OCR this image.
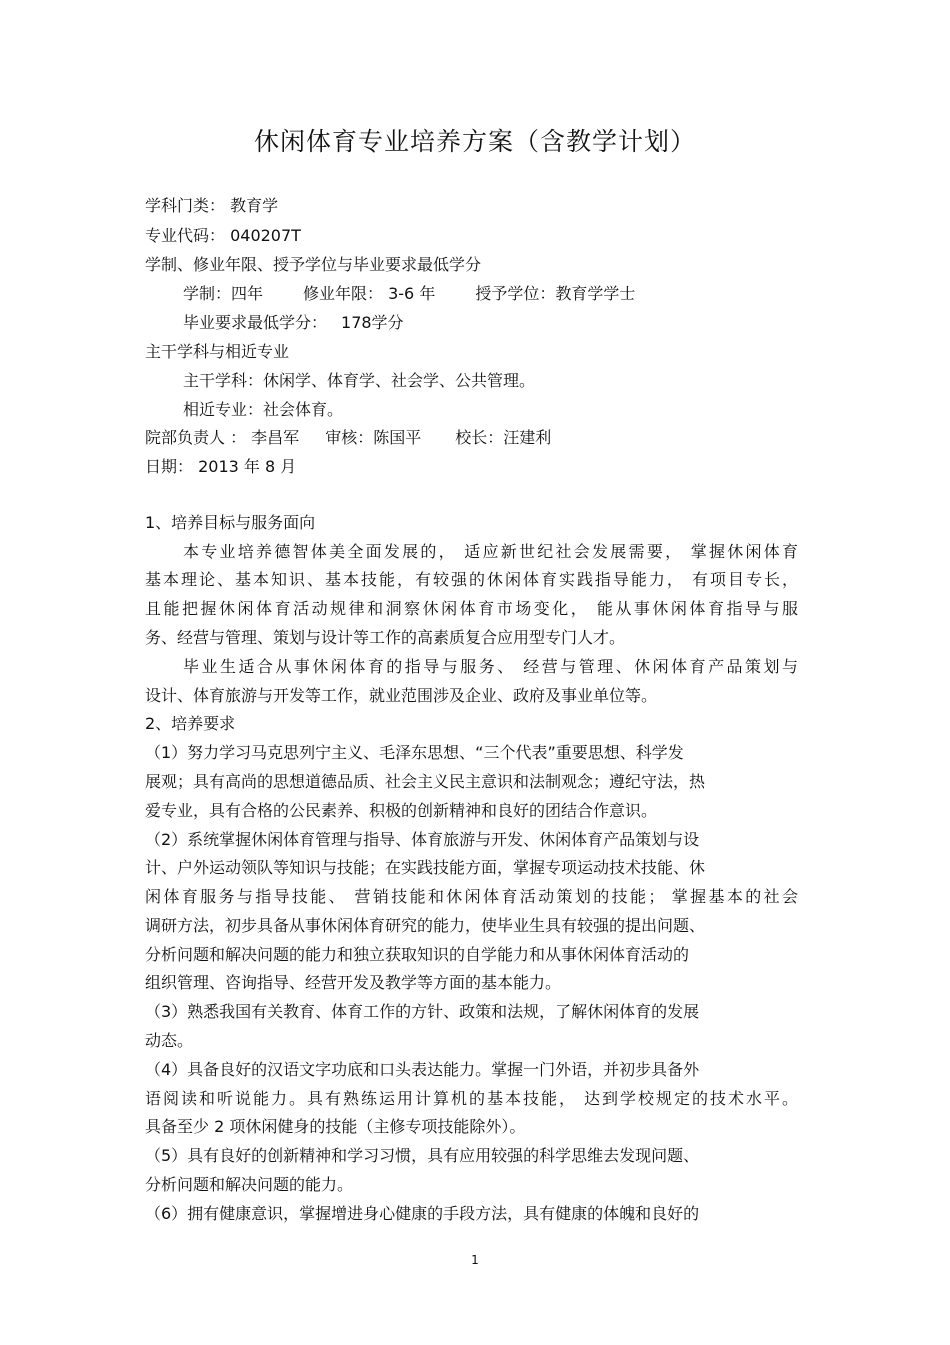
休闲体育专业培养方案（含教学计划）
学科门类： 教育学
专业代码： 040207T
学制、修业年限、授予学位与毕业要求最低学分
学制：四年	修业年限： 3-6 年	授予学位：教育学学士
毕业要求最低学分： 178学分
主干学科与相近专业
主干学科：休闲学、体育学、社会学、公共管理。
相近专业：社会体育。
院部负责人 ： 李昌军 审核：陈国平 校长：汪建利
日期： 2013 年 8 月
1、培养目标与服务面向
本专业培养德智体美全面发展的， 适应新世纪社会发展需要， 掌握休闲体育
基本理论、基本知识、基本技能，有较强的休闲体育实践指导能力， 有项目专长，
且能把握休闲体育活动规律和洞察休闲体育市场变化， 能从事休闲体育指导与服
务、经营与管理、策划与设计等工作的高素质复合应用型专门人才。
毕业生适合从事休闲体育的指导与服务、 经营与管理、休闲体育产品策划与
设计、体育旅游与开发等工作，就业范围涉及企业、政府及事业单位等。
2、培养要求
（1）努力学习马克思列宁主义、毛泽东思想、“三个代表”重要思想、科学发
展观；具有高尚的思想道德品质、社会主义民主意识和法制观念；遵纪守法，热
爱专业，具有合格的公民素养、积极的创新精神和良好的团结合作意识。
（2）系统掌握休闲体育管理与指导、体育旅游与开发、休闲体育产品策划与设
计、户外运动领队等知识与技能；在实践技能方面，掌握专项运动技术技能、休
闲体育服务与指导技能、 营销技能和休闲体育活动策划的技能； 掌握基本的社会
调研方法，初步具备从事休闲体育研究的能力，使毕业生具有较强的提出问题、
分析问题和解决问题的能力和独立获取知识的自学能力和从事休闲体育活动的
组织管理、咨询指导、经营开发及教学等方面的基本能力。
（3）熟悉我国有关教育、体育工作的方针、政策和法规，了解休闲体育的发展
动态。
（4）具备良好的汉语文字功底和口头表达能力。掌握一门外语，并初步具备外
语阅读和听说能力。具有熟练运用计算机的基本技能， 达到学校规定的技术水平。
具备至少 2 项休闲健身的技能（主修专项技能除外）。
（5）具有良好的创新精神和学习习惯，具有应用较强的科学思维去发现问题、
分析问题和解决问题的能力。
（6）拥有健康意识，掌握增进身心健康的手段方法，具有健康的体魄和良好的
1
